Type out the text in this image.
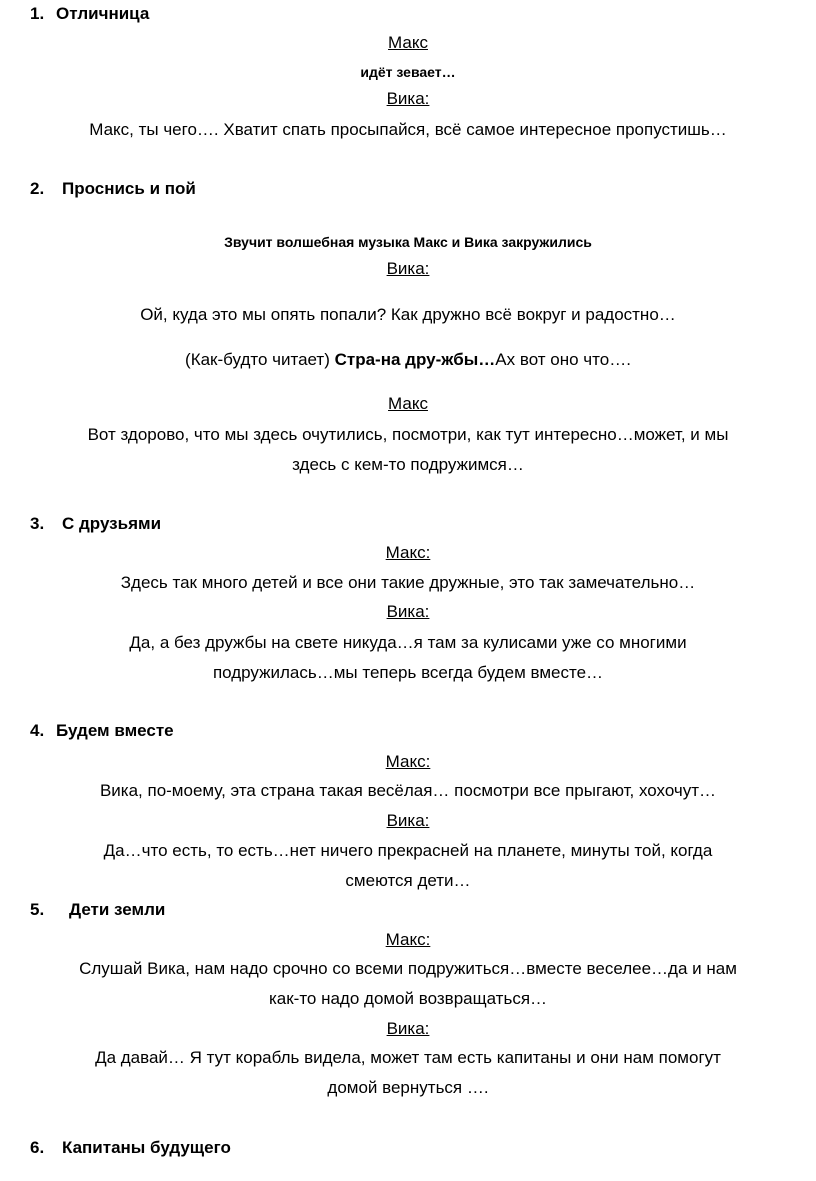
1. Отличница
Макс
идёт зевает…
Вика:
Макс, ты чего…. Хватит спать просыпайся, всё самое интересное пропустишь…
2. Проснись и пой
Звучит волшебная музыка Макс и Вика закружились
Вика:
Ой, куда это мы опять попали? Как дружно всё вокруг и радостно…
(Как-будто читает) Стра-на дру-жбы…Ах вот оно что….
Макс
Вот здорово, что мы здесь очутились, посмотри, как тут интересно…может, и мы
здесь с кем-то подружимся…
3. С друзьями
Макс:
Здесь так много детей и все они такие дружные, это так замечательно…
Вика:
Да, а без дружбы на свете никуда…я там за кулисами уже со многими
подружилась…мы теперь всегда будем вместе…
4. Будем вместе
Макс:
Вика, по-моему, эта страна такая весёлая… посмотри все прыгают, хохочут…
Вика:
Да…что есть, то есть…нет ничего прекрасней на планете, минуты той, когда
смеются дети…
5. Дети земли
Макс:
Слушай Вика, нам надо срочно со всеми подружиться…вместе веселее…да и нам
как-то надо домой возвращаться…
Вика:
Да давай… Я тут корабль видела, может там есть капитаны и они нам помогут
домой вернуться ….
6. Капитаны будущего
